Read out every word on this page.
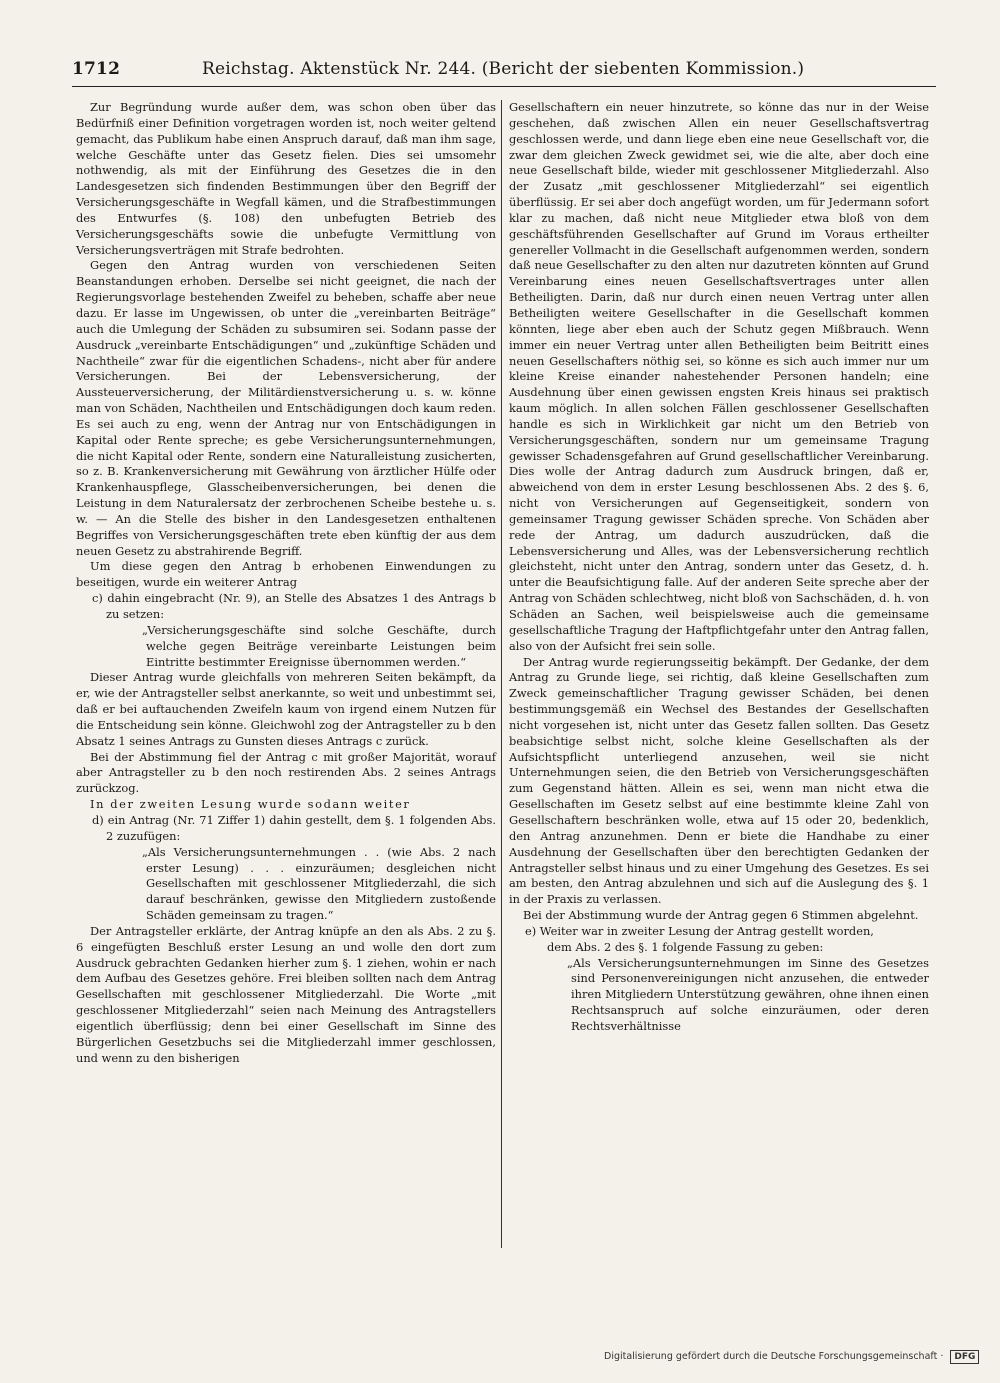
1712	Reichstag. Aktenstück Nr. 244. (Bericht der siebenten Kommission.)

Zur Begründung wurde außer dem, was schon oben über das Bedürfniß einer Definition vorgetragen worden ist, noch weiter geltend gemacht, das Publikum habe einen Anspruch darauf, daß man ihm sage, welche Geschäfte unter das Gesetz fielen. Dies sei umsomehr nothwendig, als mit der Einführung des Gesetzes die in den Landesgesetzen sich findenden Bestimmungen über den Begriff der Versicherungsgeschäfte in Wegfall kämen, und die Strafbestimmungen des Entwurfes (§. 108) den unbefugten Betrieb des Versicherungsgeschäfts sowie die unbefugte Vermittlung von Versicherungsverträgen mit Strafe bedrohten.

Gegen den Antrag wurden von verschiedenen Seiten Beanstandungen erhoben. Derselbe sei nicht geeignet, die nach der Regierungsvorlage bestehenden Zweifel zu beheben, schaffe aber neue dazu. Er lasse im Ungewissen, ob unter die „vereinbarten Beiträge“ auch die Umlegung der Schäden zu subsumiren sei. Sodann passe der Ausdruck „vereinbarte Entschädigungen“ und „zukünftige Schäden und Nachtheile“ zwar für die eigentlichen Schadens-, nicht aber für andere Versicherungen. Bei der Lebensversicherung, der Aussteuerversicherung, der Militärdienstversicherung u. s. w. könne man von Schäden, Nachtheilen und Entschädigungen doch kaum reden. Es sei auch zu eng, wenn der Antrag nur von Entschädigungen in Kapital oder Rente spreche; es gebe Versicherungsunternehmungen, die nicht Kapital oder Rente, sondern eine Naturalleistung zusicherten, so z. B. Krankenversicherung mit Gewährung von ärztlicher Hülfe oder Krankenhauspflege, Glasscheibenversicherungen, bei denen die Leistung in dem Naturalersatz der zerbrochenen Scheibe bestehe u. s. w. — An die Stelle des bisher in den Landesgesetzen enthaltenen Begriffes von Versicherungsgeschäften trete eben künftig der aus dem neuen Gesetz zu abstrahirende Begriff.

Um diese gegen den Antrag b erhobenen Einwendungen zu beseitigen, wurde ein weiterer Antrag

c) dahin eingebracht (Nr. 9), an Stelle des Absatzes 1 des Antrags b zu setzen:

„Versicherungsgeschäfte sind solche Geschäfte, durch welche gegen Beiträge vereinbarte Leistungen beim Eintritte bestimmter Ereignisse übernommen werden.“

Dieser Antrag wurde gleichfalls von mehreren Seiten bekämpft, da er, wie der Antragsteller selbst anerkannte, so weit und unbestimmt sei, daß er bei auftauchenden Zweifeln kaum von irgend einem Nutzen für die Entscheidung sein könne. Gleichwohl zog der Antragsteller zu b den Absatz 1 seines Antrags zu Gunsten dieses Antrags c zurück.

Bei der Abstimmung fiel der Antrag c mit großer Majorität, worauf aber Antragsteller zu b den noch restirenden Abs. 2 seines Antrags zurückzog.

In der zweiten Lesung wurde sodann weiter

d) ein Antrag (Nr. 71 Ziffer 1) dahin gestellt, dem §. 1 folgenden Abs. 2 zuzufügen:

„Als Versicherungsunternehmungen . . (wie Abs. 2 nach erster Lesung) . . . einzuräumen; desgleichen nicht Gesellschaften mit geschlossener Mitgliederzahl, die sich darauf beschränken, gewisse den Mitgliedern zustoßende Schäden gemeinsam zu tragen.“

Der Antragsteller erklärte, der Antrag knüpfe an den als Abs. 2 zu §. 6 eingefügten Beschluß erster Lesung an und wolle den dort zum Ausdruck gebrachten Gedanken hierher zum §. 1 ziehen, wohin er nach dem Aufbau des Gesetzes gehöre. Frei bleiben sollten nach dem Antrag Gesellschaften mit geschlossener Mitgliederzahl. Die Worte „mit geschlossener Mitgliederzahl“ seien nach Meinung des Antragstellers eigentlich überflüssig; denn bei einer Gesellschaft im Sinne des Bürgerlichen Gesetzbuchs sei die Mitgliederzahl immer geschlossen, und wenn zu den bisherigen

Gesellschaftern ein neuer hinzutrete, so könne das nur in der Weise geschehen, daß zwischen Allen ein neuer Gesellschaftsvertrag geschlossen werde, und dann liege eben eine neue Gesellschaft vor, die zwar dem gleichen Zweck gewidmet sei, wie die alte, aber doch eine neue Gesellschaft bilde, wieder mit geschlossener Mitgliederzahl. Also der Zusatz „mit geschlossener Mitgliederzahl“ sei eigentlich überflüssig. Er sei aber doch angefügt worden, um für Jedermann sofort klar zu machen, daß nicht neue Mitglieder etwa bloß von dem geschäftsführenden Gesellschafter auf Grund im Voraus ertheilter genereller Vollmacht in die Gesellschaft aufgenommen werden, sondern daß neue Gesellschafter zu den alten nur dazutreten könnten auf Grund Vereinbarung eines neuen Gesellschaftsvertrages unter allen Betheiligten. Darin, daß nur durch einen neuen Vertrag unter allen Betheiligten weitere Gesellschafter in die Gesellschaft kommen könnten, liege aber eben auch der Schutz gegen Mißbrauch. Wenn immer ein neuer Vertrag unter allen Betheiligten beim Beitritt eines neuen Gesellschafters nöthig sei, so könne es sich auch immer nur um kleine Kreise einander nahestehender Personen handeln; eine Ausdehnung über einen gewissen engsten Kreis hinaus sei praktisch kaum möglich. In allen solchen Fällen geschlossener Gesellschaften handle es sich in Wirklichkeit gar nicht um den Betrieb von Versicherungsgeschäften, sondern nur um gemeinsame Tragung gewisser Schadensgefahren auf Grund gesellschaftlicher Vereinbarung. Dies wolle der Antrag dadurch zum Ausdruck bringen, daß er, abweichend von dem in erster Lesung beschlossenen Abs. 2 des §. 6, nicht von Versicherungen auf Gegenseitigkeit, sondern von gemeinsamer Tragung gewisser Schäden spreche. Von Schäden aber rede der Antrag, um dadurch auszudrücken, daß die Lebensversicherung und Alles, was der Lebensversicherung rechtlich gleichsteht, nicht unter den Antrag, sondern unter das Gesetz, d. h. unter die Beaufsichtigung falle. Auf der anderen Seite spreche aber der Antrag von Schäden schlechtweg, nicht bloß von Sachschäden, d. h. von Schäden an Sachen, weil beispielsweise auch die gemeinsame gesellschaftliche Tragung der Haftpflichtgefahr unter den Antrag fallen, also von der Aufsicht frei sein solle.

Der Antrag wurde regierungsseitig bekämpft. Der Gedanke, der dem Antrag zu Grunde liege, sei richtig, daß kleine Gesellschaften zum Zweck gemeinschaftlicher Tragung gewisser Schäden, bei denen bestimmungsgemäß ein Wechsel des Bestandes der Gesellschaften nicht vorgesehen ist, nicht unter das Gesetz fallen sollten. Das Gesetz beabsichtige selbst nicht, solche kleine Gesellschaften als der Aufsichtspflicht unterliegend anzusehen, weil sie nicht Unternehmungen seien, die den Betrieb von Versicherungsgeschäften zum Gegenstand hätten. Allein es sei, wenn man nicht etwa die Gesellschaften im Gesetz selbst auf eine bestimmte kleine Zahl von Gesellschaftern beschränken wolle, etwa auf 15 oder 20, bedenklich, den Antrag anzunehmen. Denn er biete die Handhabe zu einer Ausdehnung der Gesellschaften über den berechtigten Gedanken der Antragsteller selbst hinaus und zu einer Umgehung des Gesetzes. Es sei am besten, den Antrag abzulehnen und sich auf die Auslegung des §. 1 in der Praxis zu verlassen.

Bei der Abstimmung wurde der Antrag gegen 6 Stimmen abgelehnt.

e) Weiter war in zweiter Lesung der Antrag gestellt worden,

dem Abs. 2 des §. 1 folgende Fassung zu geben:

„Als Versicherungsunternehmungen im Sinne des Gesetzes sind Personenvereinigungen nicht anzusehen, die entweder ihren Mitgliedern Unterstützung gewähren, ohne ihnen einen Rechtsanspruch auf solche einzuräumen, oder deren Rechtsverhältnisse

Digitalisierung gefördert durch die Deutsche Forschungsgemeinschaft · DFG
